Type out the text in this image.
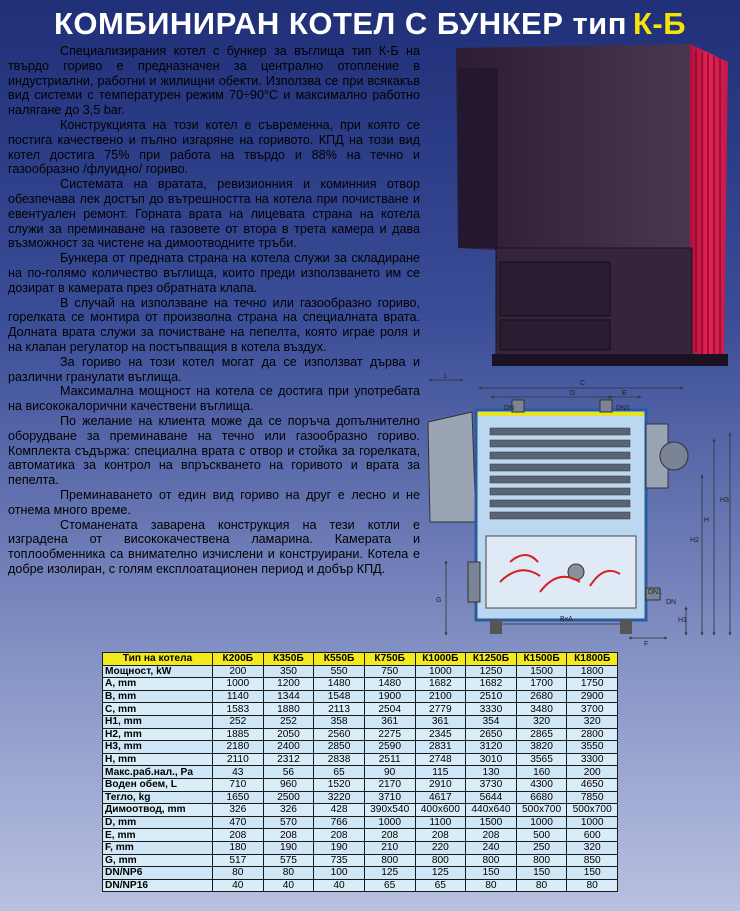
КОМБИНИРАН КОТЕЛ С БУНКЕР тип К-Б

Специализирания котел с бункер за въглища тип К-Б на твърдо гориво е предназначен за централно отопление в индустриални, работни и жилищни обекти. Използва се при всякакъв вид системи с температурен режим 70÷90°C и максимално работно налягане до 3,5 bar.

Конструкцията на този котел е съвременна, при която се постига качествено и пълно изгаряне на горивото. КПД на този вид котел достига 75% при работа на твърдо и 88% на течно и газообразно /флуидно/ гориво.

Системата на вратата, ревизионния и коминния отвор обезпечава лек достъп до вътрешността на котела при почистване и евентуален ремонт. Горната врата на лицевата страна на котела служи за преминаване на газовете от втора в трета камера и дава възможност за чистене на димоотводните тръби.

Бункера от предната страна на котела служи за складиране на по-голямо количество въглища, които преди използването им се дозират в камерата през обратната клапа.

В случай на използване на течно или газообразно гориво, горелката се монтира от произволна страна на специалната врата. Долната врата служи за почистване на пепелта, която играе роля и на клапан регулатор на постъпващия в котела въздух.

За гориво на този котел могат да се използват дърва и различни гранулати въглища.

Максимална мощност на котела се достига при употребата на висококалорични качествени въглища.

По желание на клиента може да се поръча допълнително оборудване за преминаване на течно или газообразно гориво. Комплекта съдържа: специална врата с отвор и стойка за горелката, автоматика за контрол на впръскването на горивото и врата за пепелта.

Преминаването от един вид гориво на друг е лесно и не отнема много време.

Стоманената заварена конструкция на тези котли е изградена от висококачествена ламарина. Камерата и топлообменника са внимателно изчислени и конструирани. Котела е добре изолиран, с голям експлоатационен период и добър КПД.

L
C
D	E
DN	DN1
H3
H
H2
H1
G
DN1
DN
BxA
F
Тип на котела	К200Б	К350Б	К550Б	К750Б	К1000Б	К1250Б	К1500Б	К1800Б
Мощност, kW	200	350	550	750	1000	1250	1500	1800
A, mm	1000	1200	1480	1480	1682	1682	1700	1750
B, mm	1140	1344	1548	1900	2100	2510	2680	2900
C, mm	1583	1880	2113	2504	2779	3330	3480	3700
H1, mm	252	252	358	361	361	354	320	320
H2, mm	1885	2050	2560	2275	2345	2650	2865	2800
H3, mm	2180	2400	2850	2590	2831	3120	3820	3550
H, mm	2110	2312	2838	2511	2748	3010	3565	3300
Макс.раб.нал., Pa	43	56	65	90	115	130	160	200
Воден обем, L	710	960	1520	2170	2910	3730	4300	4650
Тегло, kg	1650	2500	3220	3710	4617	5644	6680	7850
Димоотвод, mm	326	326	428	390x540	400x600	440x640	500x700	500x700
D, mm	470	570	766	1000	1100	1500	1000	1000
E, mm	208	208	208	208	208	208	500	600
F, mm	180	190	190	210	220	240	250	320
G, mm	517	575	735	800	800	800	800	850
DN/NP6	80	80	100	125	125	150	150	150
DN/NP16	40	40	40	65	65	80	80	80
